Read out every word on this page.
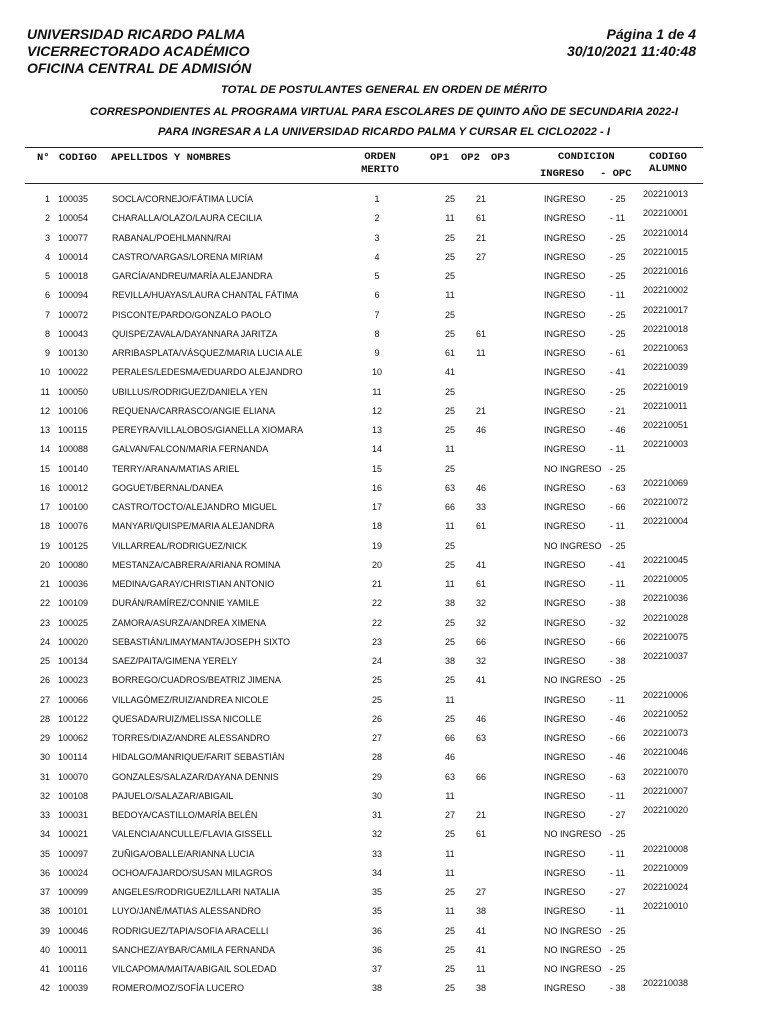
UNIVERSIDAD RICARDO PALMA
VICERRECTORADO ACADÉMICO
OFICINA CENTRAL DE ADMISIÓN
Página 1 de 4
30/10/2021 11:40:48
TOTAL DE POSTULANTES GENERAL EN ORDEN DE MÉRITO
CORRESPONDIENTES AL PROGRAMA VIRTUAL PARA ESCOLARES DE QUINTO AÑO DE SECUNDARIA 2022-I
PARA INGRESAR A LA UNIVERSIDAD RICARDO PALMA Y CURSAR EL CICLO2022 - I
N° CODIGO APELLIDOS Y NOMBRES	ORDEN
MERITO
OP1 OP2 OP3	CONDICION
INGRESO - OPC
CODIGO
ALUMNO
1 100035	SOCLA/CORNEJO/FÁTIMA LUCÍA	1	25	21	INGRESO	- 25	202210013
2 100054	CHARALLA/OLAZO/LAURA CECILIA	2	11	61	INGRESO	- 11	202210001
3 100077	RABANAL/POEHLMANN/RAI	3	25	21	INGRESO	- 25	202210014
4 100014	CASTRO/VARGAS/LORENA MIRIAM	4	25	27	INGRESO	- 25	202210015
5 100018	GARCÍA/ANDREU/MARÍA ALEJANDRA	5	25	INGRESO	- 25	202210016
6 100094	REVILLA/HUAYAS/LAURA CHANTAL FÁTIMA	6	11	INGRESO	- 11	202210002
7 100072	PISCONTE/PARDO/GONZALO PAOLO	7	25	INGRESO	- 25	202210017
8 100043	QUISPE/ZAVALA/DAYANNARA JARITZA	8	25	61	INGRESO	- 25	202210018
9 100130	ARRIBASPLATA/VÁSQUEZ/MARIA LUCIA ALE	9	61	11	INGRESO	- 61	202210063
10 100022	PERALES/LEDESMA/EDUARDO ALEJANDRO	10	41	INGRESO	- 41	202210039
11 100050	UBILLUS/RODRIGUEZ/DANIELA YEN	11	25	INGRESO	- 25	202210019
12 100106	REQUENA/CARRASCO/ANGIE ELIANA	12	25	21	INGRESO	- 21	202210011
13 100115	PEREYRA/VILLALOBOS/GIANELLA XIOMARA	13	25	46	INGRESO	- 46	202210051
14 100088	GALVAN/FALCON/MARIA FERNANDA	14	11	INGRESO	- 11	202210003
15 100140	TERRY/ARANA/MATIAS ARIEL	15	25	NO INGRESO - 25
16 100012	GOGUET/BERNAL/DANEA	16	63	46	INGRESO	- 63	202210069
17 100100	CASTRO/TOCTO/ALEJANDRO MIGUEL	17	66	33	INGRESO	- 66	202210072
18 100076	MANYARI/QUISPE/MARIA ALEJANDRA	18	11	61	INGRESO	- 11	202210004
19 100125	VILLARREAL/RODRIGUEZ/NICK	19	25	NO INGRESO - 25
20 100080	MESTANZA/CABRERA/ARIANA ROMINA	20	25	41	INGRESO	- 41	202210045
21 100036	MEDINA/GARAY/CHRISTIAN ANTONIO	21	11	61	INGRESO	- 11	202210005
22 100109	DURÁN/RAMÍREZ/CONNIE YAMILE	22	38	32	INGRESO	- 38	202210036
23 100025	ZAMORA/ASURZA/ANDREA XIMENA	22	25	32	INGRESO	- 32	202210028
24 100020	SEBASTIÁN/LIMAYMANTA/JOSEPH SIXTO	23	25	66	INGRESO	- 66	202210075
25 100134	SAEZ/PAITA/GIMENA YERELY	24	38	32	INGRESO	- 38	202210037
26 100023	BORREGO/CUADROS/BEATRIZ JIMENA	25	25	41	NO INGRESO - 25
27 100066	VILLAGÓMEZ/RUIZ/ANDREA NICOLE	25	11	INGRESO	- 11	202210006
28 100122	QUESADA/RUIZ/MELISSA NICOLLE	26	25	46	INGRESO	- 46	202210052
29 100062	TORRES/DIAZ/ANDRE ALESSANDRO	27	66	63	INGRESO	- 66	202210073
30 100114	HIDALGO/MANRIQUE/FARIT SEBASTIÁN	28	46	INGRESO	- 46	202210046
31 100070	GONZALES/SALAZAR/DAYANA DENNIS	29	63	66	INGRESO	- 63	202210070
32 100108	PAJUELO/SALAZAR/ABIGAIL	30	11	INGRESO	- 11	202210007
33 100031	BEDOYA/CASTILLO/MARÍA BELÉN	31	27	21	INGRESO	- 27	202210020
34 100021	VALENCIA/ANCULLE/FLAVIA GISSELL	32	25	61	NO INGRESO - 25
35 100097	ZUÑIGA/OBALLE/ARIANNA LUCIA	33	11	INGRESO	- 11	202210008
36 100024	OCHOA/FAJARDO/SUSAN MILAGROS	34	11	INGRESO	- 11	202210009
37 100099	ANGELES/RODRIGUEZ/ILLARI NATALIA	35	25	27	INGRESO	- 27	202210024
38 100101	LUYO/JANÉ/MATIAS ALESSANDRO	35	11	38	INGRESO	- 11	202210010
39 100046	RODRIGUEZ/TAPIA/SOFIA ARACELLI	36	25	41	NO INGRESO - 25
40 100011	SANCHEZ/AYBAR/CAMILA FERNANDA	36	25	41	NO INGRESO - 25
41 100116	VILCAPOMA/MAITA/ABIGAIL SOLEDAD	37	25	11	NO INGRESO - 25
42 100039	ROMERO/MOZ/SOFÍA LUCERO	38	25	38	INGRESO	- 38	202210038
